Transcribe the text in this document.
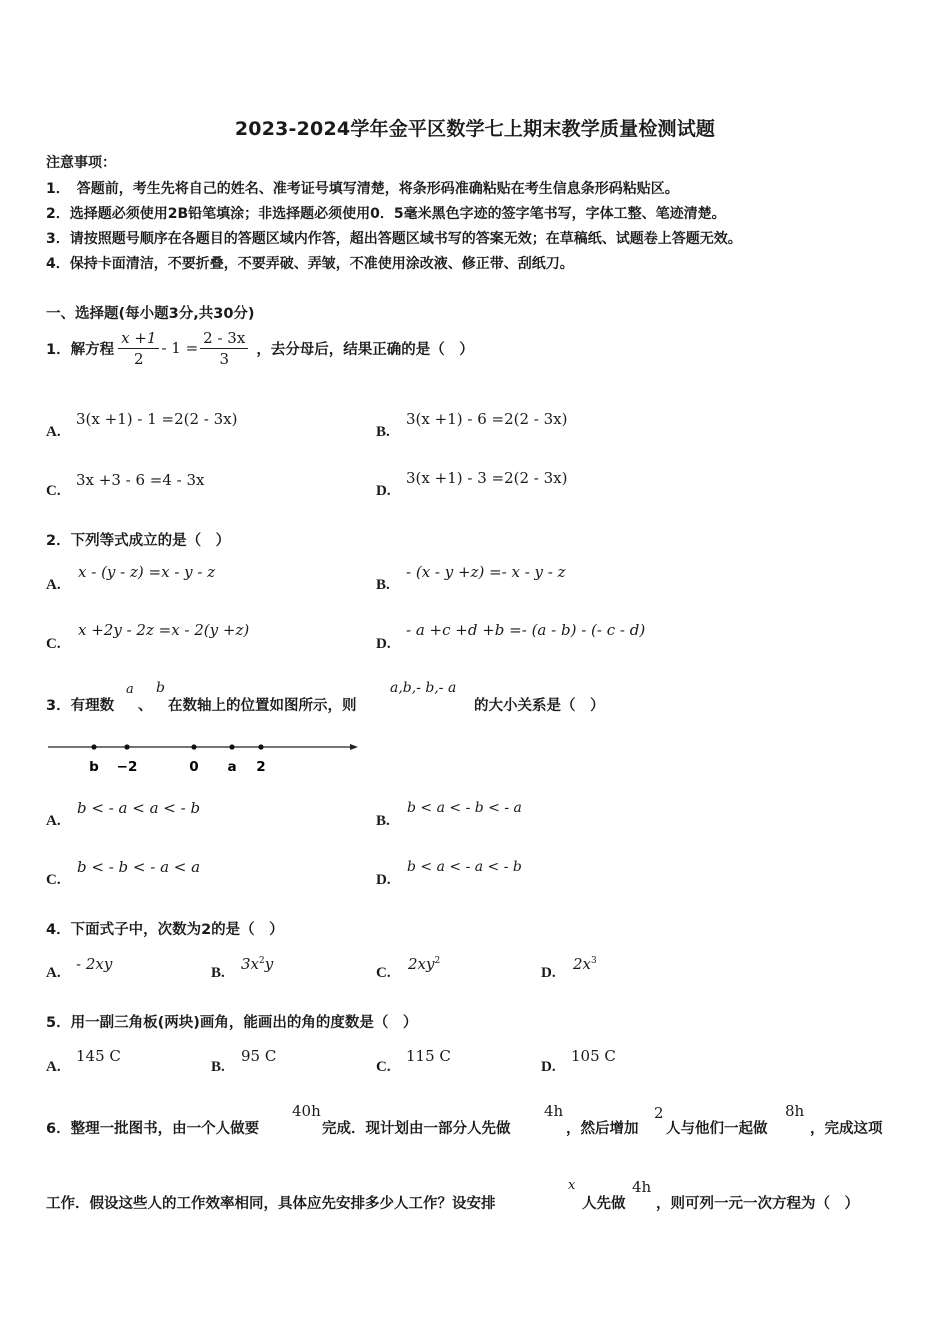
2023-2024学年金平区数学七上期末教学质量检测试题
注意事项：
1．　答题前，考生先将自己的姓名、准考证号填写清楚，将条形码准确粘贴在考生信息条形码粘贴区。
2．选择题必须使用2B铅笔填涂；非选择题必须使用0．5毫米黑色字迹的签字笔书写，字体工整、笔迹清楚。
3．请按照题号顺序在各题目的答题区域内作答，超出答题区域书写的答案无效；在草稿纸、试题卷上答题无效。
4．保持卡面清洁，不要折叠，不要弄破、弄皱，不准使用涂改液、修正带、刮纸刀。
一、选择题(每小题3分,共30分)
1．解方程 $\frac{x +1}{2} - 1 = \frac{2 - 3x}{3}$ ，去分母后，结果正确的是（　）
A.
3(x +1) - 1 =2(2 - 3x)
B.
3(x +1) - 6 =2(2 - 3x)
C.
3x +3 - 6 =4 - 3x
D.
3(x +1) - 3 =2(2 - 3x)
2．下列等式成立的是（　）
A.
x - (y - z) =x - y - z
B.
- (x - y +z) =- x - y - z
C.
x +2y - 2z =x - 2(y +z)
D.
- a +c +d +b =- (a - b) - (- c - d)
3．有理数
a
、
b
在数轴上的位置如图所示，则
a,b,- b,- a
的大小关系是（　）
b −2	0 a 2
A.
b < - a < a < - b
B.
b < a < - b < - a
C.
b < - b < - a < a
D.
b < a < - a < - b
4．下面式子中，次数为2的是（　）
A. - 2xy	B. $3x^2y$	C. $2xy^2$
D. $2x^3$
5．用一副三角板(两块)画角，能画出的角的度数是（　）
A.
145 C
B.
95 C
C.
115 C
D.
105 C
6．整理一批图书，由一个人做要
40h
完成．现计划由一部分人先做
4h
，然后增加
2
人与他们一起做
8h
，完成这项
工作．假设这些人的工作效率相同，具体应先安排多少人工作？设安排
x
人先做
4h
，则可列一元一次方程为（　）
